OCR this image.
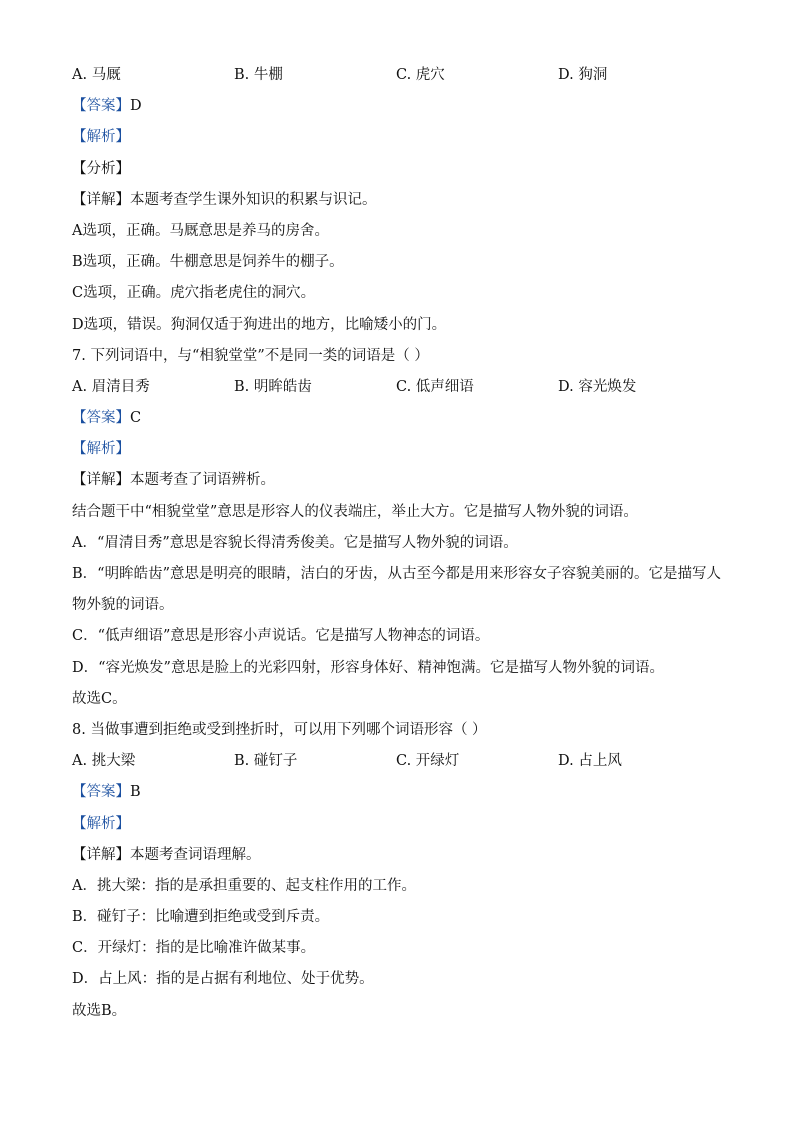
A. 马厩	B. 牛棚	C. 虎穴	D. 狗洞
【答案】D
【解析】
【分析】
【详解】本题考查学生课外知识的积累与识记。
A选项，正确。马厩意思是养马的房舍。
B选项，正确。牛棚意思是饲养牛的棚子。
C选项，正确。虎穴指老虎住的洞穴。
D选项，错误。狗洞仅适于狗进出的地方，比喻矮小的门。
7. 下列词语中，与“相貌堂堂”不是同一类的词语是（ ）
A. 眉清目秀	B. 明眸皓齿	C. 低声细语	D. 容光焕发
【答案】C
【解析】
【详解】本题考查了词语辨析。
结合题干中“相貌堂堂”意思是形容人的仪表端庄，举止大方。它是描写人物外貌的词语。
A．“眉清目秀”意思是容貌长得清秀俊美。它是描写人物外貌的词语。
B．“明眸皓齿”意思是明亮的眼睛，洁白的牙齿，从古至今都是用来形容女子容貌美丽的。它是描写人
物外貌的词语。
C．“低声细语”意思是形容小声说话。它是描写人物神态的词语。
D．“容光焕发”意思是脸上的光彩四射，形容身体好、精神饱满。它是描写人物外貌的词语。
故选C。
8. 当做事遭到拒绝或受到挫折时，可以用下列哪个词语形容（ ）
A. 挑大梁	B. 碰钉子	C. 开绿灯	D. 占上风
【答案】B
【解析】
【详解】本题考查词语理解。
A．挑大梁：指的是承担重要的、起支柱作用的工作。
B．碰钉子：比喻遭到拒绝或受到斥责。
C．开绿灯：指的是比喻准许做某事。
D．占上风：指的是占据有利地位、处于优势。
故选B。
